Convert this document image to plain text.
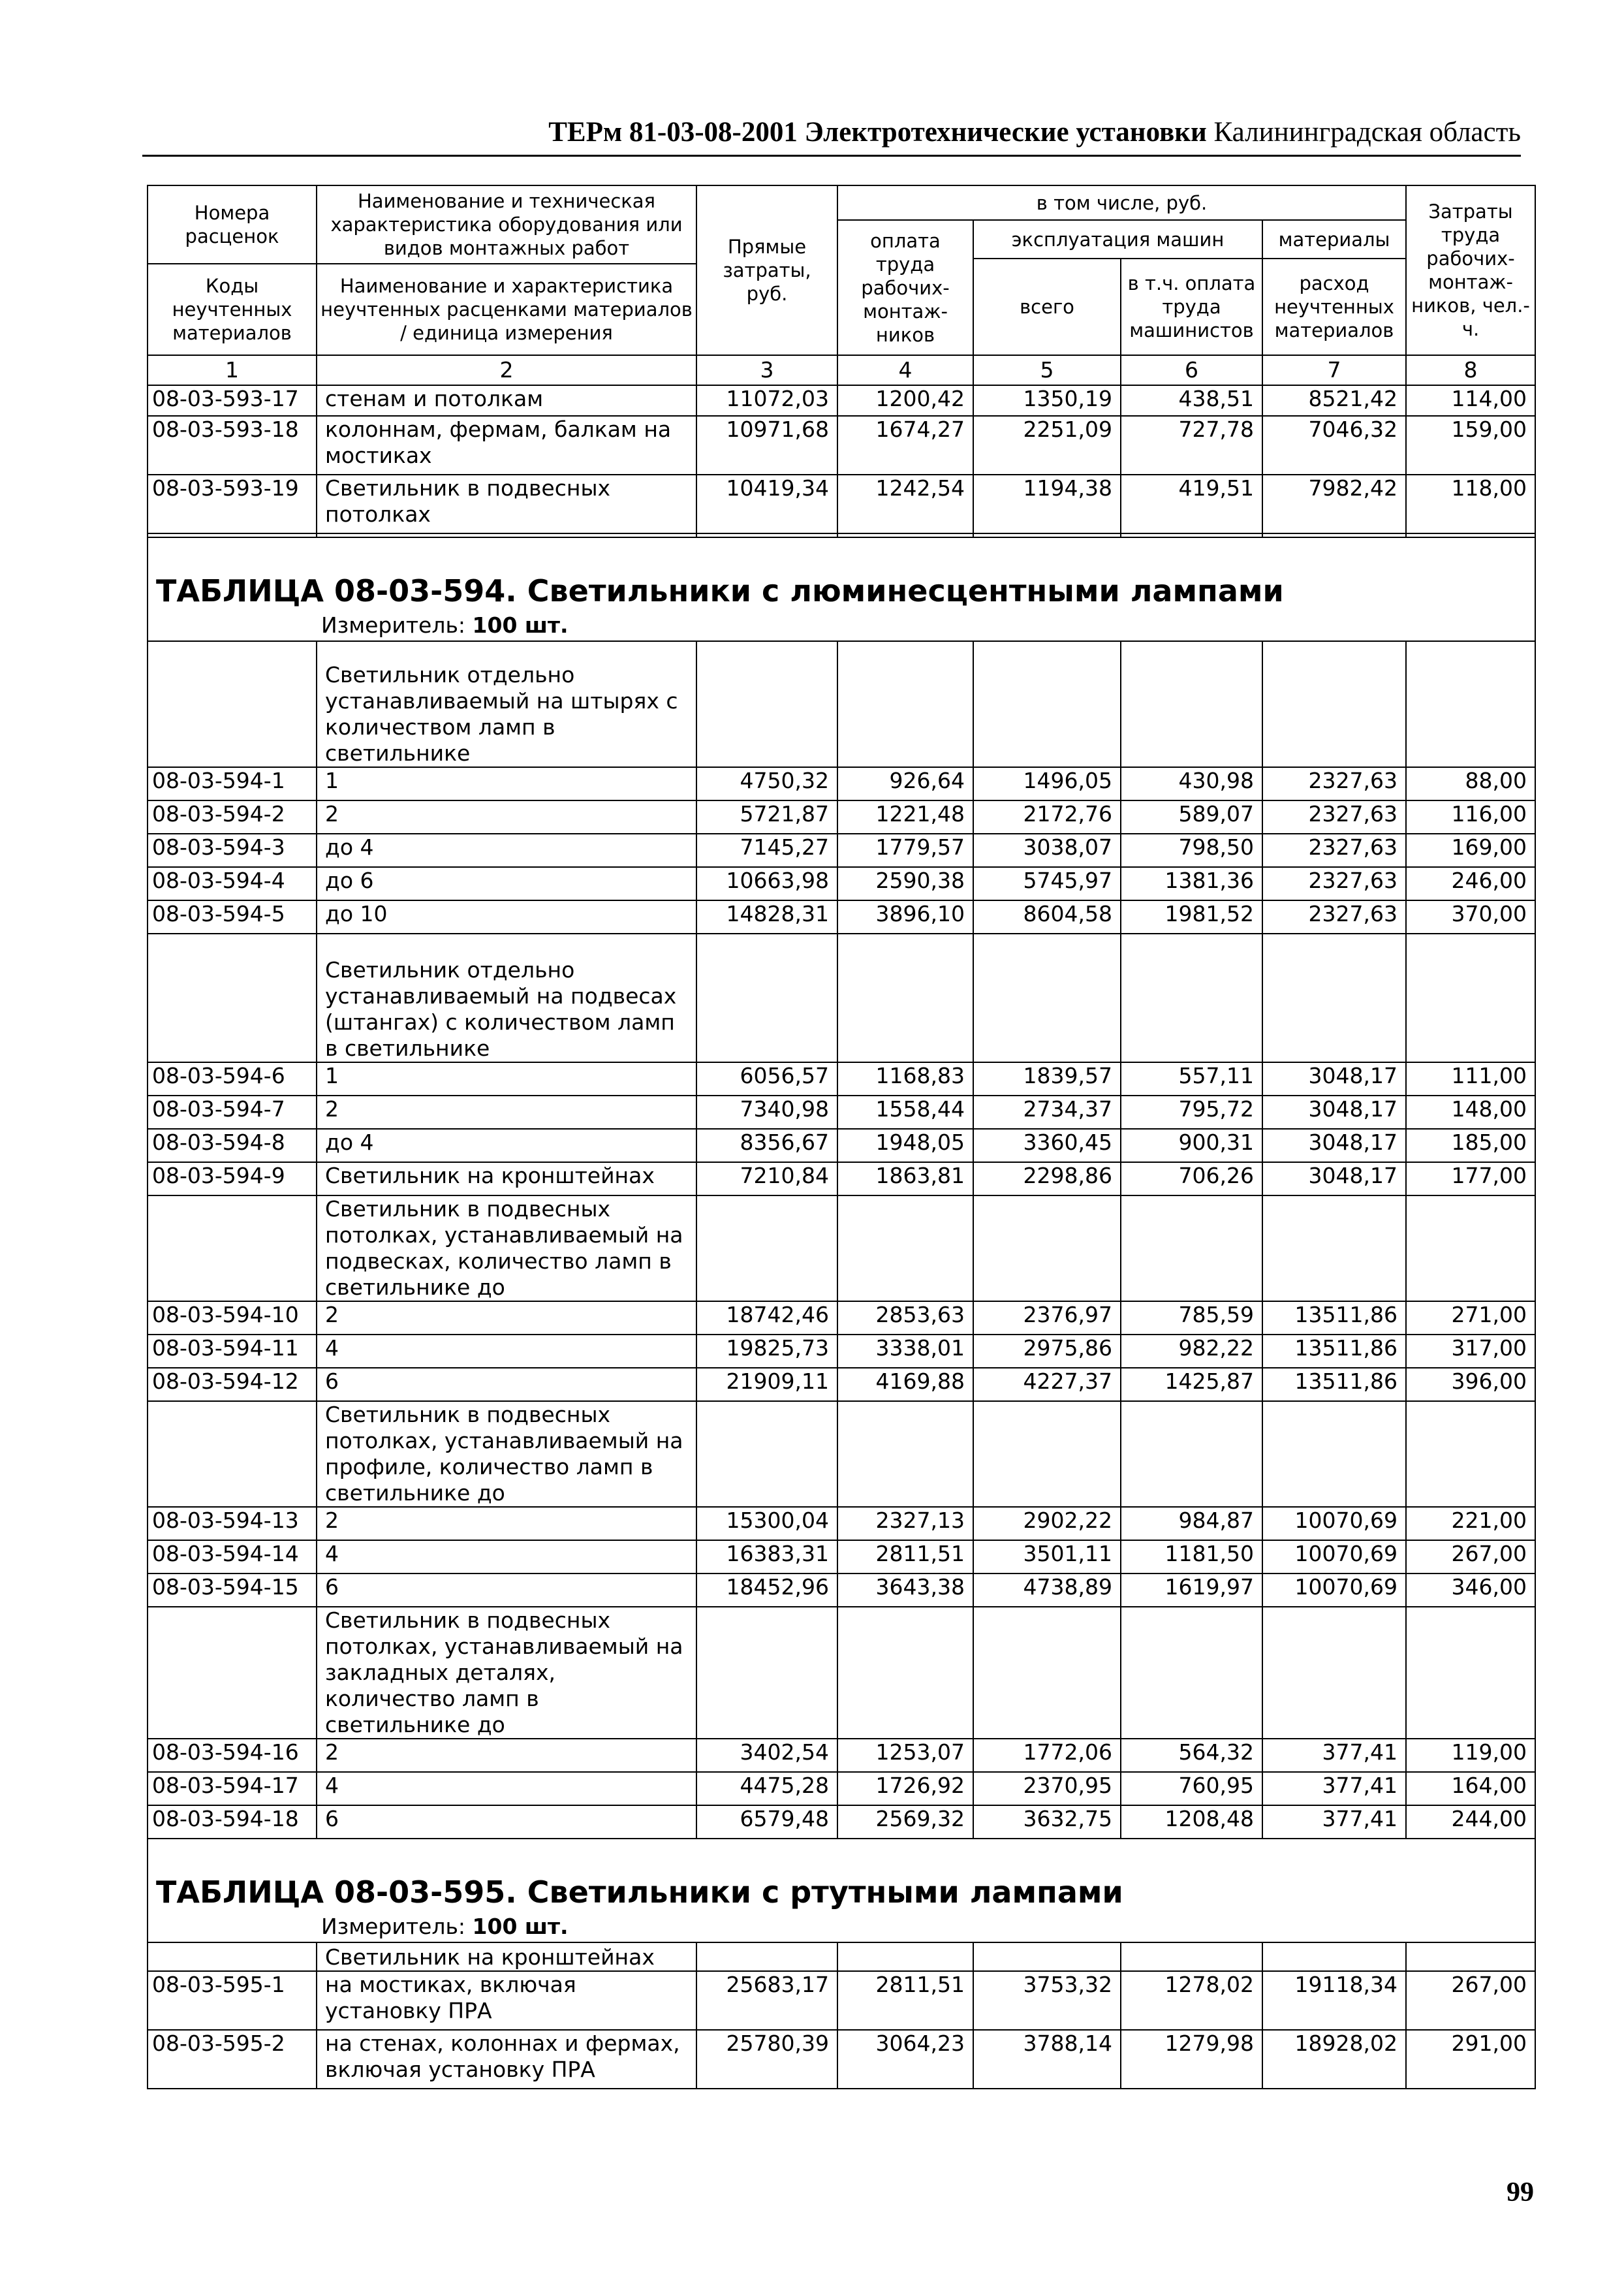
ТЕРм 81-03-08-2001 Электротехнические установки Калининградская область
Номера расценок	Наименование и техническая характеристика оборудования или видов монтажных работ	Прямые затраты, руб.	в том числе, руб.				Затраты труда рабочих-монтаж-ников, чел.-ч.
			оплата труда рабочих-монтаж-ников	эксплуатация машин		материалы	
				всего	в т.ч. оплата труда машинистов	расход неучтенных материалов	
Коды неучтенных материалов	Наименование и характеристика неучтенных расценками материалов / единица измерения						

1	2	3	4	5	6	7	8
08-03-593-17	стенам и потолкам	11072,03	1200,42	1350,19	438,51	8521,42	114,00
08-03-593-18	колоннам, фермам, балкам на мостиках	10971,68	1674,27	2251,09	727,78	7046,32	159,00
08-03-593-19	Светильник в подвесных потолках	10419,34	1242,54	1194,38	419,51	7982,42	118,00

ТАБЛИЦА 08-03-594. Светильники с люминесцентными лампами							
Измеритель: 100 шт.							
	Светильник отдельно устанавливаемый на штырях с количеством ламп в светильнике						
08-03-594-1	1	4750,32	926,64	1496,05	430,98	2327,63	88,00
08-03-594-2	2	5721,87	1221,48	2172,76	589,07	2327,63	116,00
08-03-594-3	до 4	7145,27	1779,57	3038,07	798,50	2327,63	169,00
08-03-594-4	до 6	10663,98	2590,38	5745,97	1381,36	2327,63	246,00
08-03-594-5	до 10	14828,31	3896,10	8604,58	1981,52	2327,63	370,00
	Светильник отдельно устанавливаемый на подвесах (штангах) с количеством ламп в светильнике						
08-03-594-6	1	6056,57	1168,83	1839,57	557,11	3048,17	111,00
08-03-594-7	2	7340,98	1558,44	2734,37	795,72	3048,17	148,00
08-03-594-8	до 4	8356,67	1948,05	3360,45	900,31	3048,17	185,00
08-03-594-9	Светильник на кронштейнах	7210,84	1863,81	2298,86	706,26	3048,17	177,00
	Светильник в подвесных потолках, устанавливаемый на подвесках, количество ламп в светильнике до						
08-03-594-10	2	18742,46	2853,63	2376,97	785,59	13511,86	271,00
08-03-594-11	4	19825,73	3338,01	2975,86	982,22	13511,86	317,00
08-03-594-12	6	21909,11	4169,88	4227,37	1425,87	13511,86	396,00
	Светильник в подвесных потолках, устанавливаемый на профиле, количество ламп в светильнике до						
08-03-594-13	2	15300,04	2327,13	2902,22	984,87	10070,69	221,00
08-03-594-14	4	16383,31	2811,51	3501,11	1181,50	10070,69	267,00
08-03-594-15	6	18452,96	3643,38	4738,89	1619,97	10070,69	346,00
	Светильник в подвесных потолках, устанавливаемый на закладных деталях, количество ламп в светильнике до						
08-03-594-16	2	3402,54	1253,07	1772,06	564,32	377,41	119,00
08-03-594-17	4	4475,28	1726,92	2370,95	760,95	377,41	164,00
08-03-594-18	6	6579,48	2569,32	3632,75	1208,48	377,41	244,00
ТАБЛИЦА 08-03-595. Светильники с ртутными лампами							
Измеритель: 100 шт.							
	Светильник на кронштейнах						
08-03-595-1	на мостиках, включая установку ПРА	25683,17	2811,51	3753,32	1278,02	19118,34	267,00
08-03-595-2	на стенах, колоннах и фермах, включая установку ПРА	25780,39	3064,23	3788,14	1279,98	18928,02	291,00
99
